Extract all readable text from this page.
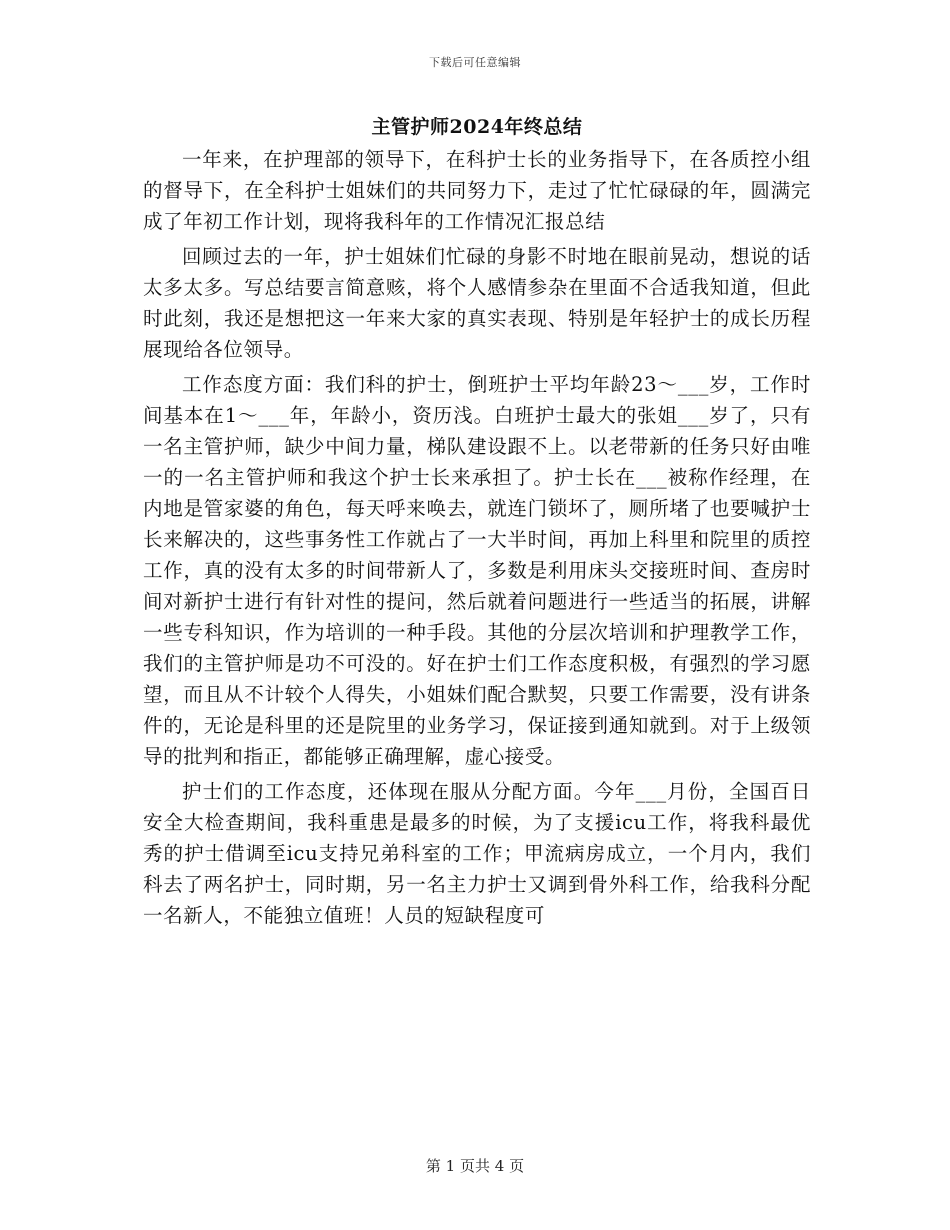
下载后可任意编辑
主管护师2024年终总结

一年来，在护理部的领导下，在科护士长的业务指导下，在各质控小组的督导下，在全科护士姐妹们的共同努力下，走过了忙忙碌碌的年，圆满完成了年初工作计划，现将我科年的工作情况汇报总结

回顾过去的一年，护士姐妹们忙碌的身影不时地在眼前晃动，想说的话太多太多。写总结要言简意赅，将个人感情参杂在里面不合适我知道，但此时此刻，我还是想把这一年来大家的真实表现、特别是年轻护士的成长历程展现给各位领导。

工作态度方面：我们科的护士，倒班护士平均年龄23～___岁，工作时间基本在1～___年，年龄小，资历浅。白班护士最大的张姐___岁了，只有一名主管护师，缺少中间力量，梯队建设跟不上。以老带新的任务只好由唯一的一名主管护师和我这个护士长来承担了。护士长在___被称作经理，在内地是管家婆的角色，每天呼来唤去，就连门锁坏了，厕所堵了也要喊护士长来解决的，这些事务性工作就占了一大半时间，再加上科里和院里的质控工作，真的没有太多的时间带新人了，多数是利用床头交接班时间、查房时间对新护士进行有针对性的提问，然后就着问题进行一些适当的拓展，讲解一些专科知识，作为培训的一种手段。其他的分层次培训和护理教学工作，我们的主管护师是功不可没的。好在护士们工作态度积极，有强烈的学习愿望，而且从不计较个人得失，小姐妹们配合默契，只要工作需要，没有讲条件的，无论是科里的还是院里的业务学习，保证接到通知就到。对于上级领导的批判和指正，都能够正确理解，虚心接受。

护士们的工作态度，还体现在服从分配方面。今年___月份，全国百日安全大检查期间，我科重患是最多的时候，为了支援icu工作，将我科最优秀的护士借调至icu支持兄弟科室的工作；甲流病房成立，一个月内，我们科去了两名护士，同时期，另一名主力护士又调到骨外科工作，给我科分配一名新人，不能独立值班！人员的短缺程度可

第 1 页共 4 页
